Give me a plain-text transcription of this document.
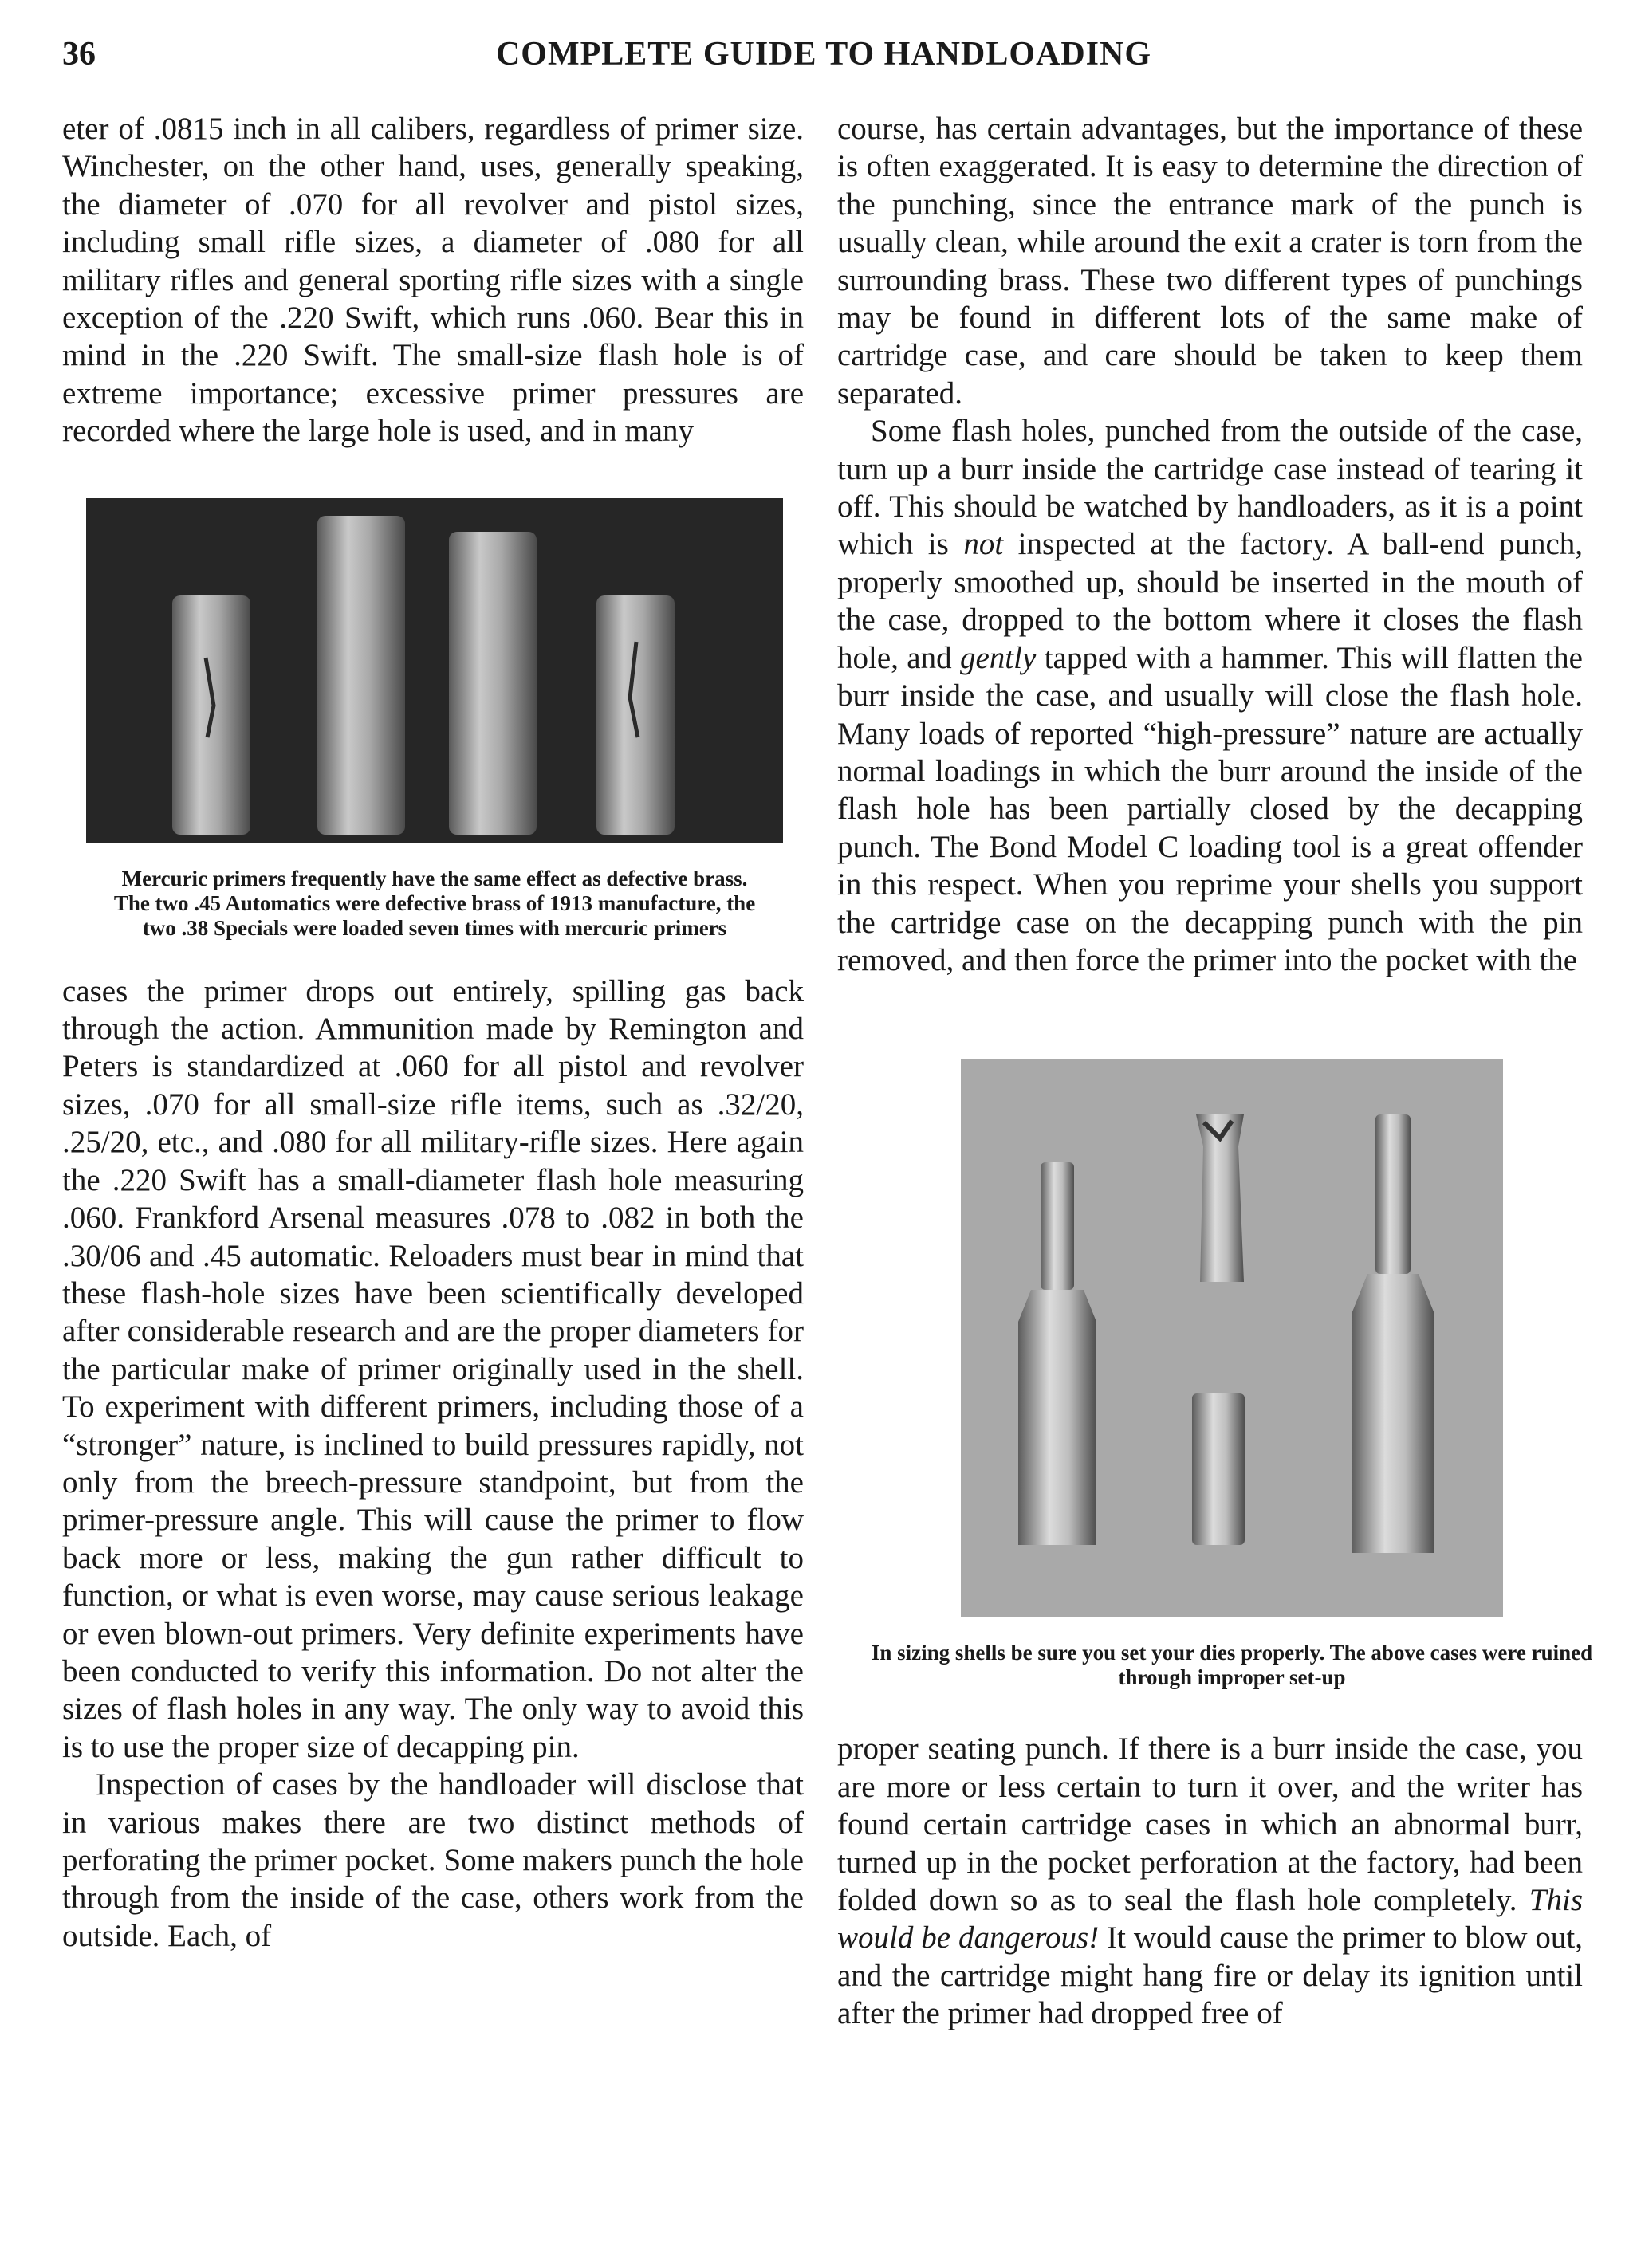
COMPLETE GUIDE TO HANDLOADING
36

eter of .0815 inch in all calibers, regardless of primer size. Winchester, on the other hand, uses, generally speaking, the diameter of .070 for all revolver and pistol sizes, including small rifle sizes, a diameter of .080 for all military rifles and general sporting rifle sizes with a single exception of the .220 Swift, which runs .060. Bear this in mind in the .220 Swift. The small-size flash hole is of extreme importance; excessive primer pressures are recorded where the large hole is used, and in many

Mercuric primers frequently have the same effect as defective brass. The two .45 Automatics were defective brass of 1913 manufacture, the two .38 Specials were loaded seven times with mercuric primers

cases the primer drops out entirely, spilling gas back through the action. Ammunition made by Remington and Peters is standardized at .060 for all pistol and revolver sizes, .070 for all small-size rifle items, such as .32/20, .25/20, etc., and .080 for all military-rifle sizes. Here again the .220 Swift has a small-diameter flash hole measuring .060. Frankford Arsenal measures .078 to .082 in both the .30/06 and .45 automatic. Reloaders must bear in mind that these flash-hole sizes have been scientifically developed after considerable research and are the proper diameters for the particular make of primer originally used in the shell. To experiment with different primers, including those of a “stronger” nature, is inclined to build pressures rapidly, not only from the breech-pressure standpoint, but from the primer-pressure angle. This will cause the primer to flow back more or less, making the gun rather difficult to function, or what is even worse, may cause serious leakage or even blown-out primers. Very definite experiments have been conducted to verify this information. Do not alter the sizes of flash holes in any way. The only way to avoid this is to use the proper size of decapping pin.

Inspection of cases by the handloader will disclose that in various makes there are two distinct methods of perforating the primer pocket. Some makers punch the hole through from the inside of the case, others work from the outside. Each, of

course, has certain advantages, but the importance of these is often exaggerated. It is easy to determine the direction of the punching, since the entrance mark of the punch is usually clean, while around the exit a crater is torn from the surrounding brass. These two different types of punchings may be found in different lots of the same make of cartridge case, and care should be taken to keep them separated.

Some flash holes, punched from the outside of the case, turn up a burr inside the cartridge case instead of tearing it off. This should be watched by handloaders, as it is a point which is not inspected at the factory. A ball-end punch, properly smoothed up, should be inserted in the mouth of the case, dropped to the bottom where it closes the flash hole, and gently tapped with a hammer. This will flatten the burr inside the case, and usually will close the flash hole. Many loads of reported “high-pressure” nature are actually normal loadings in which the burr around the inside of the flash hole has been partially closed by the decapping punch. The Bond Model C loading tool is a great offender in this respect. When you reprime your shells you support the cartridge case on the decapping punch with the pin removed, and then force the primer into the pocket with the

In sizing shells be sure you set your dies properly. The above cases were ruined through improper set-up

proper seating punch. If there is a burr inside the case, you are more or less certain to turn it over, and the writer has found certain cartridge cases in which an abnormal burr, turned up in the pocket perforation at the factory, had been folded down so as to seal the flash hole completely. This would be dangerous! It would cause the primer to blow out, and the cartridge might hang fire or delay its ignition until after the primer had dropped free of
